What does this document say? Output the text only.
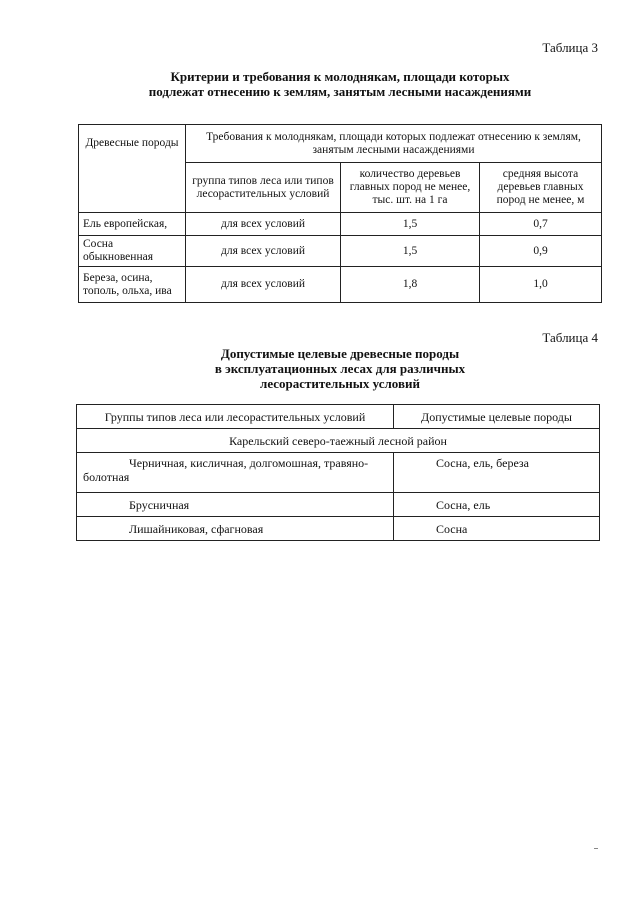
Таблица 3
Критерии и требования к молоднякам, площади которых
подлежат отнесению к землям, занятым лесными насаждениями
Древесные породы	Требования к молоднякам, площади которых подлежат отнесению к землям, занятым лесными насаждениями		
	группа типов леса или типов лесорастительных условий	количество деревьев главных пород не менее, тыс. шт. на 1 га	средняя высота деревьев главных пород не менее, м
Ель европейская,	для всех условий	1,5	0,7
Сосна обыкновенная	для всех условий	1,5	0,9
Береза, осина, тополь, ольха, ива	для всех условий	1,8	1,0
Таблица 4
Допустимые целевые древесные породы
в эксплуатационных лесах для различных
лесорастительных условий
Группы типов леса или лесорастительных условий	Допустимые целевые породы
Карельский северо-таежный лесной район	
Черничная, кисличная, долгомошная, травяно-болотная	Сосна, ель, береза
Брусничная	Сосна, ель
Лишайниковая, сфагновая	Сосна
